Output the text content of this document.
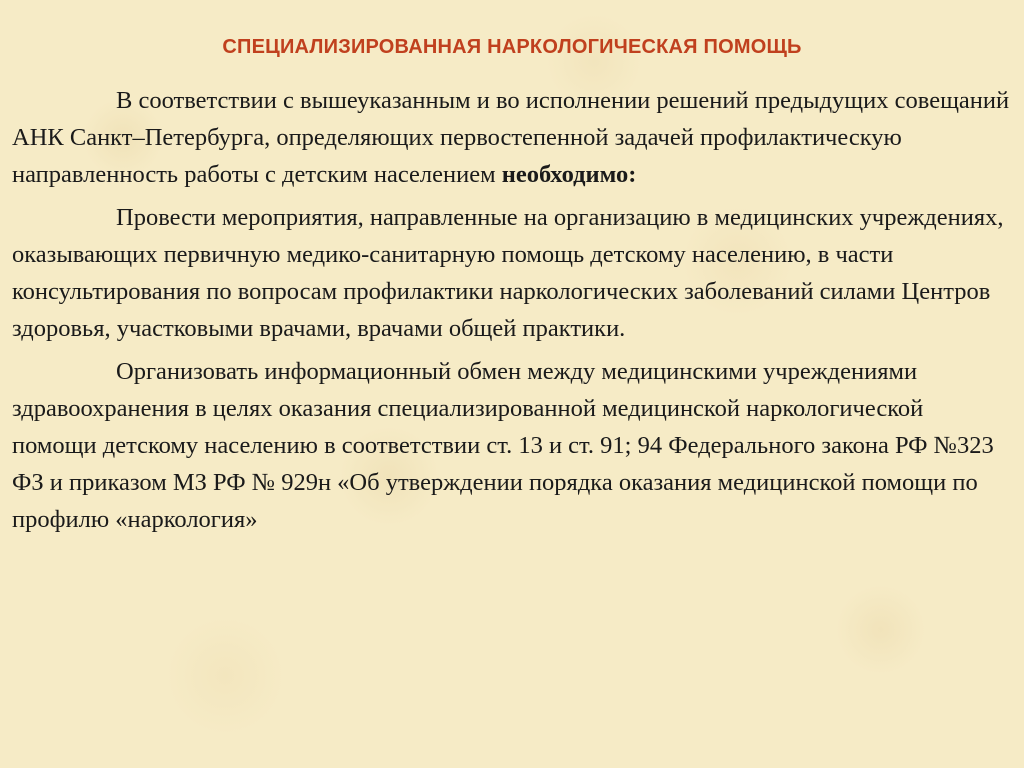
СПЕЦИАЛИЗИРОВАННАЯ НАРКОЛОГИЧЕСКАЯ ПОМОЩЬ

В соответствии с вышеуказанным и во исполнении решений предыдущих совещаний АНК Санкт–Петербурга, определяющих первостепенной задачей профилактическую направленность работы с детским населением необходимо:

Провести мероприятия, направленные на организацию в медицинских учреждениях, оказывающих первичную медико-санитарную помощь детскому населению, в части консультирования по вопросам профилактики наркологических заболеваний силами Центров здоровья, участковыми врачами, врачами общей практики.

Организовать информационный обмен между медицинскими учреждениями здравоохранения в целях оказания специализированной медицинской наркологической помощи детскому населению в соответствии ст. 13 и ст. 91; 94 Федерального закона РФ №323 ФЗ и приказом МЗ РФ № 929н «Об утверждении порядка оказания медицинской помощи по профилю «наркология»
